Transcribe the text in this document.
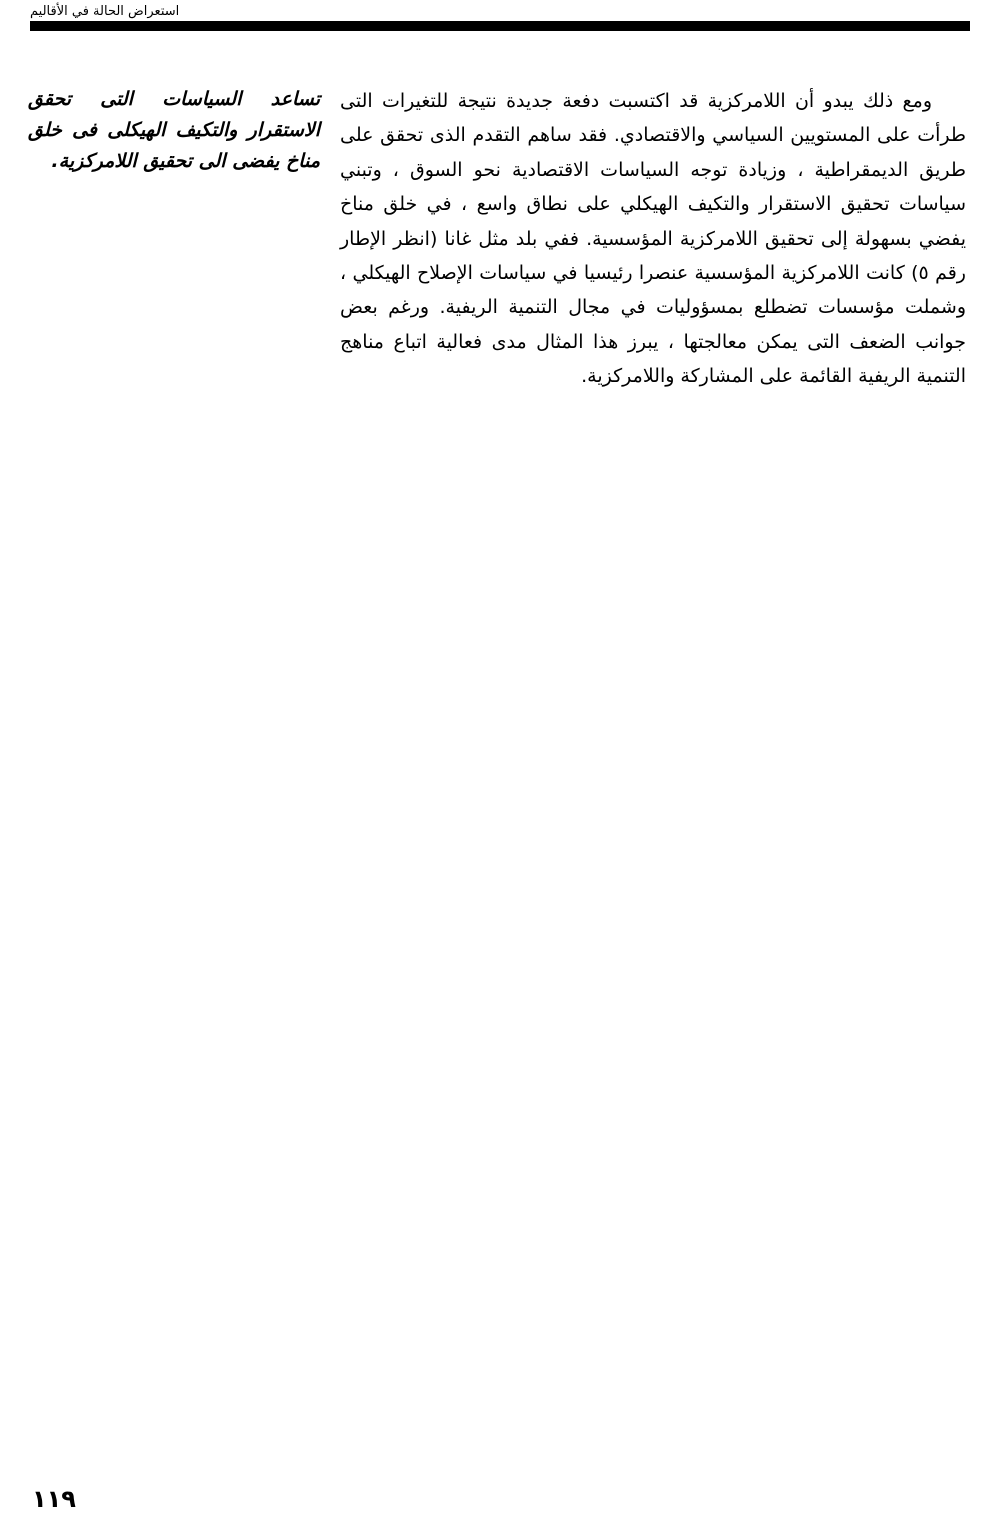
استعراض الحالة في الأقاليم

ومع ذلك يبدو أن اللامركزية قد اكتسبت دفعة جديدة نتيجة للتغيرات التى طرأت على المستويين السياسي والاقتصادي. فقد ساهم التقدم الذى تحقق على طريق الديمقراطية ، وزيادة توجه السياسات الاقتصادية نحو السوق ، وتبني سياسات تحقيق الاستقرار والتكيف الهيكلي على نطاق واسع ، في خلق مناخ يفضي بسهولة إلى تحقيق اللامركزية المؤسسية. ففي بلد مثل غانا (انظر الإطار رقم ٥) كانت اللامركزية المؤسسية عنصرا رئيسيا في سياسات الإصلاح الهيكلي ، وشملت مؤسسات تضطلع بمسؤوليات في مجال التنمية الريفية. ورغم بعض جوانب الضعف التى يمكن معالجتها ، يبرز هذا المثال مدى فعالية اتباع مناهج التنمية الريفية القائمة على المشاركة واللامركزية.

تساعد السياسات التى تحقق الاستقرار والتكيف الهيكلى فى خلق مناخ يفضى الى تحقيق اللامركزية.

١١٩
